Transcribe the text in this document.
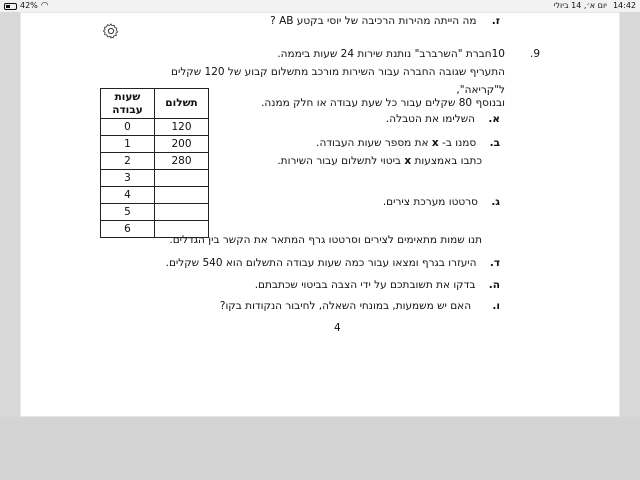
42% ◠	14:42
יום א׳, 14 ביולי
ז. מה הייתה מהירות הרכיבה של יוסי בקטע AB ?
9.
10חברת "השרברב" נותנת שירות 24 שעות ביממה.
התעריף שגובה החברה עבור השירות מורכב מתשלום קבוע של 120 שקלים
ל"קריאה",
ובנוסף 80 שקלים עבור כל שעת עבודה או חלק ממנה.
א. השלימו את הטבלה.
ב. סמנו ב- x את מספר שעות העבודה.
כתבו באמצעות x ביטוי לתשלום עבור השירות.
ג. סרטטו מערכת צירים.
תנו שמות מתאימים לצירים וסרטטו גרף המתאר את הקשר בין הגדלים.
ד. היעזרו בגרף ומצאו עבור כמה שעות עבודה התשלום הוא 540 שקלים.
ה. בדקו את תשובתכם על ידי הצבה בביטוי שכתבתם.
ו. האם יש משמעות, במונחי השאלה, לחיבור הנקודות בקו?
תשלום	שעות
עבודה
120	0
200	1
280	2
	3
	4
	5
	6
4
